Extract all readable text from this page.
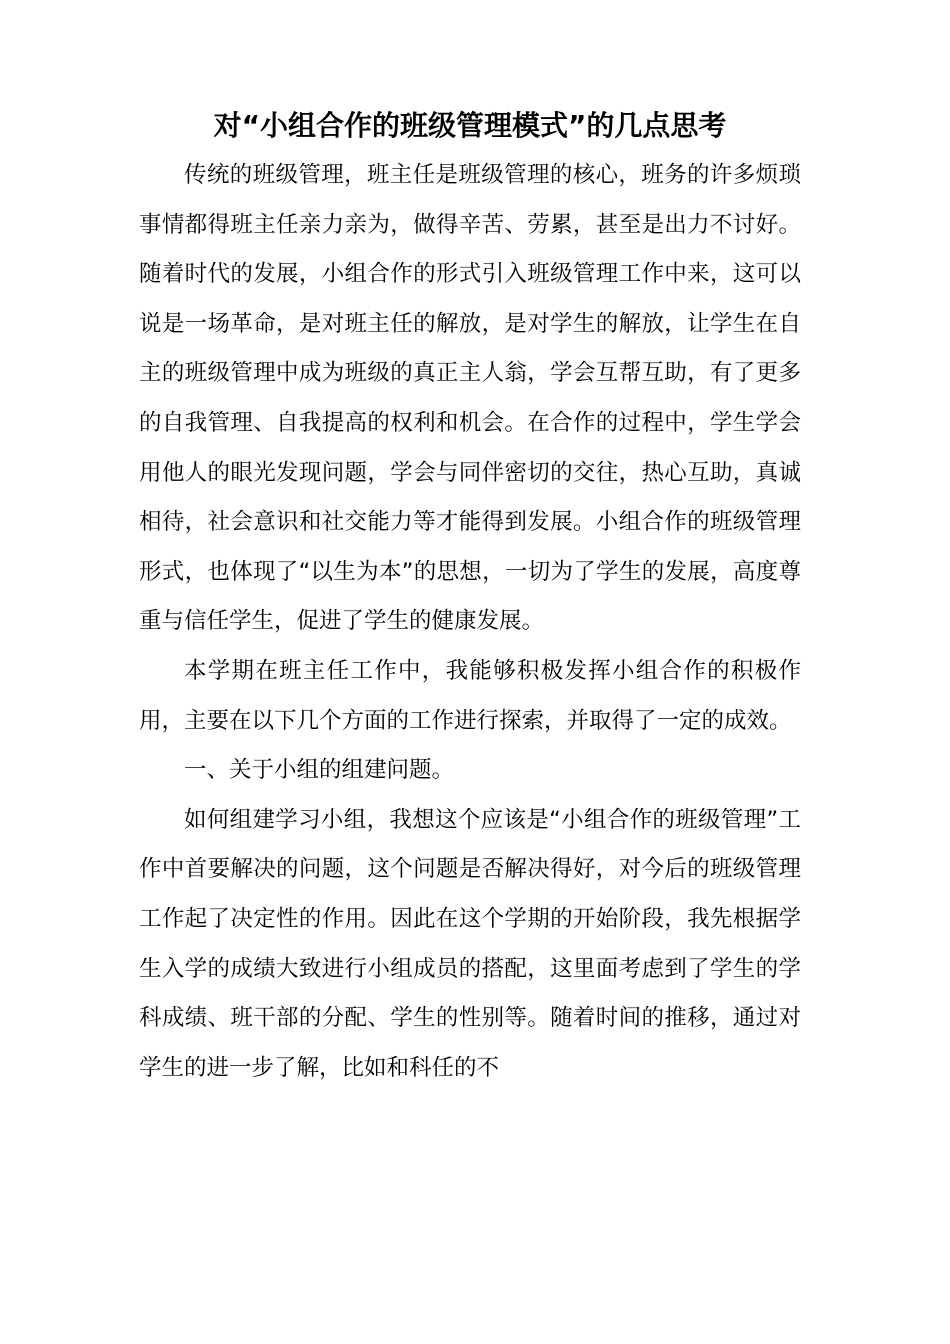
对“小组合作的班级管理模式”的几点思考

传统的班级管理，班主任是班级管理的核心，班务的许多烦琐事情都得班主任亲力亲为，做得辛苦、劳累，甚至是出力不讨好。随着时代的发展，小组合作的形式引入班级管理工作中来，这可以说是一场革命，是对班主任的解放，是对学生的解放，让学生在自主的班级管理中成为班级的真正主人翁，学会互帮互助，有了更多的自我管理、自我提高的权利和机会。在合作的过程中，学生学会用他人的眼光发现问题，学会与同伴密切的交往，热心互助，真诚相待，社会意识和社交能力等才能得到发展。小组合作的班级管理形式，也体现了“以生为本”的思想，一切为了学生的发展，高度尊重与信任学生，促进了学生的健康发展。

本学期在班主任工作中，我能够积极发挥小组合作的积极作用，主要在以下几个方面的工作进行探索，并取得了一定的成效。

一、关于小组的组建问题。

如何组建学习小组，我想这个应该是“小组合作的班级管理”工作中首要解决的问题，这个问题是否解决得好，对今后的班级管理工作起了决定性的作用。因此在这个学期的开始阶段，我先根据学生入学的成绩大致进行小组成员的搭配，这里面考虑到了学生的学科成绩、班干部的分配、学生的性别等。随着时间的推移，通过对学生的进一步了解，比如和科任的不
